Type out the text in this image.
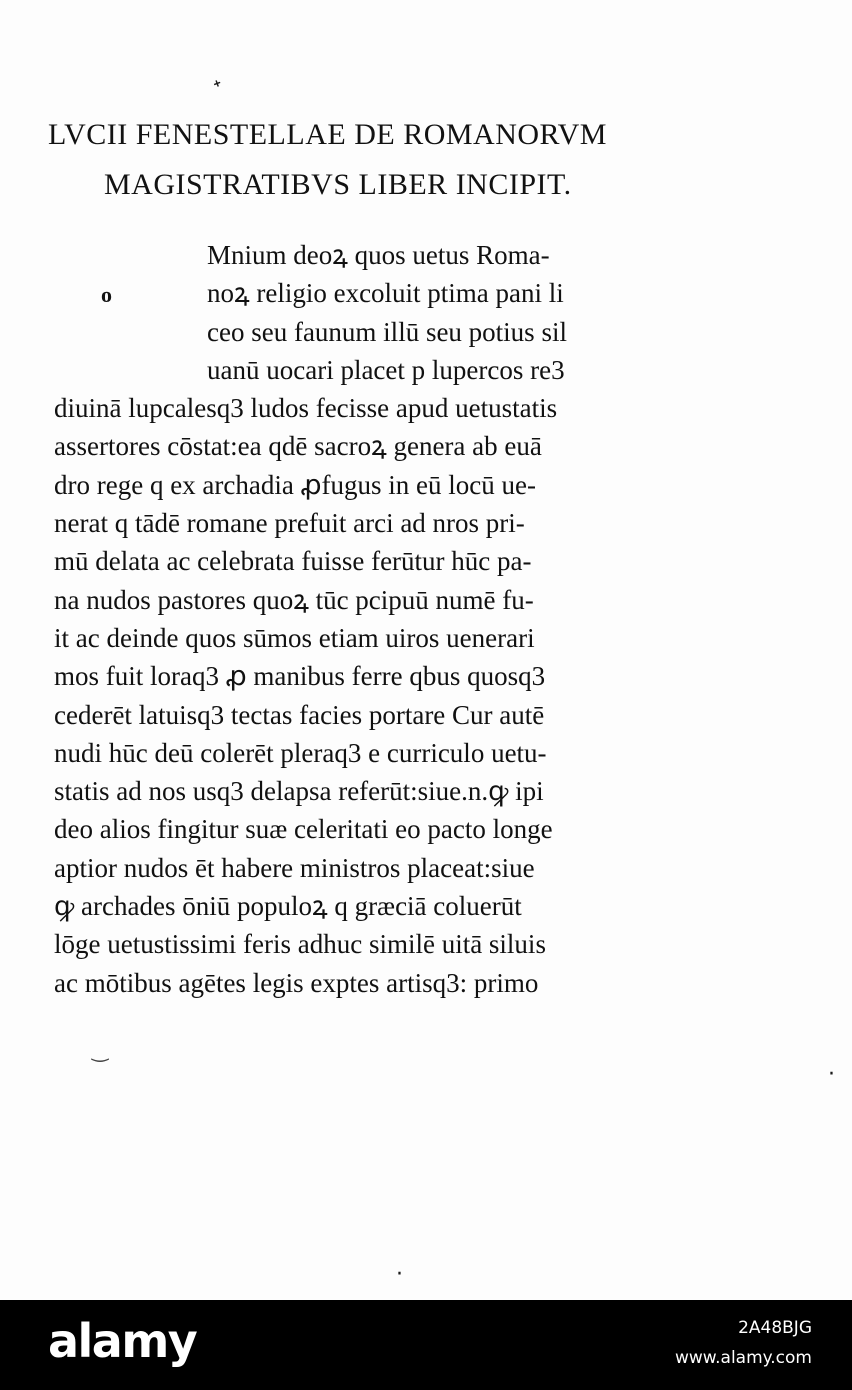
ᐩ
LVCII FENESTELLAE DE ROMANORVM
MAGISTRATIBVS LIBER INCIPIT.
o
Mnium deoꝝ quos uetus Roma-
noꝝ religio excoluit ptima pani li
ceo seu faunum illū seu potius sil
uanū uocari placet p lupercos re3
diuinā lupcalesq3 ludos fecisse apud uetustatis
assertores cōstat:ea qdē sacroꝝ genera ab euā
dro rege q ex archadia ꝓfugus in eū locū ue-
nerat q tādē romane prefuit arci ad nros pri-
mū delata ac celebrata fuisse ferūtur hūc pa-
na nudos pastores quoꝝ tūc pcipuū numē fu-
it ac deinde quos sūmos etiam uiros uenerari
mos fuit loraq3 ꝓ manibus ferre qbus quosq3
cederēt latuisq3 tectas facies portare Cur autē
nudi hūc deū colerēt pleraq3 e curriculo uetu-
statis ad nos usq3 delapsa referūt:siue.n.ꝙ ipi
deo alios fingitur suæ celeritati eo pacto longe
aptior nudos ēt habere ministros placeat:siue
ꝙ archades ōniū populoꝝ q græciā coluerūt
lōge uetustissimi feris adhuc similē uitā siluis
ac mōtibus agētes legis exptes artisq3: primo
‿
·
·
alamy	2A48BJG
www.alamy.com
